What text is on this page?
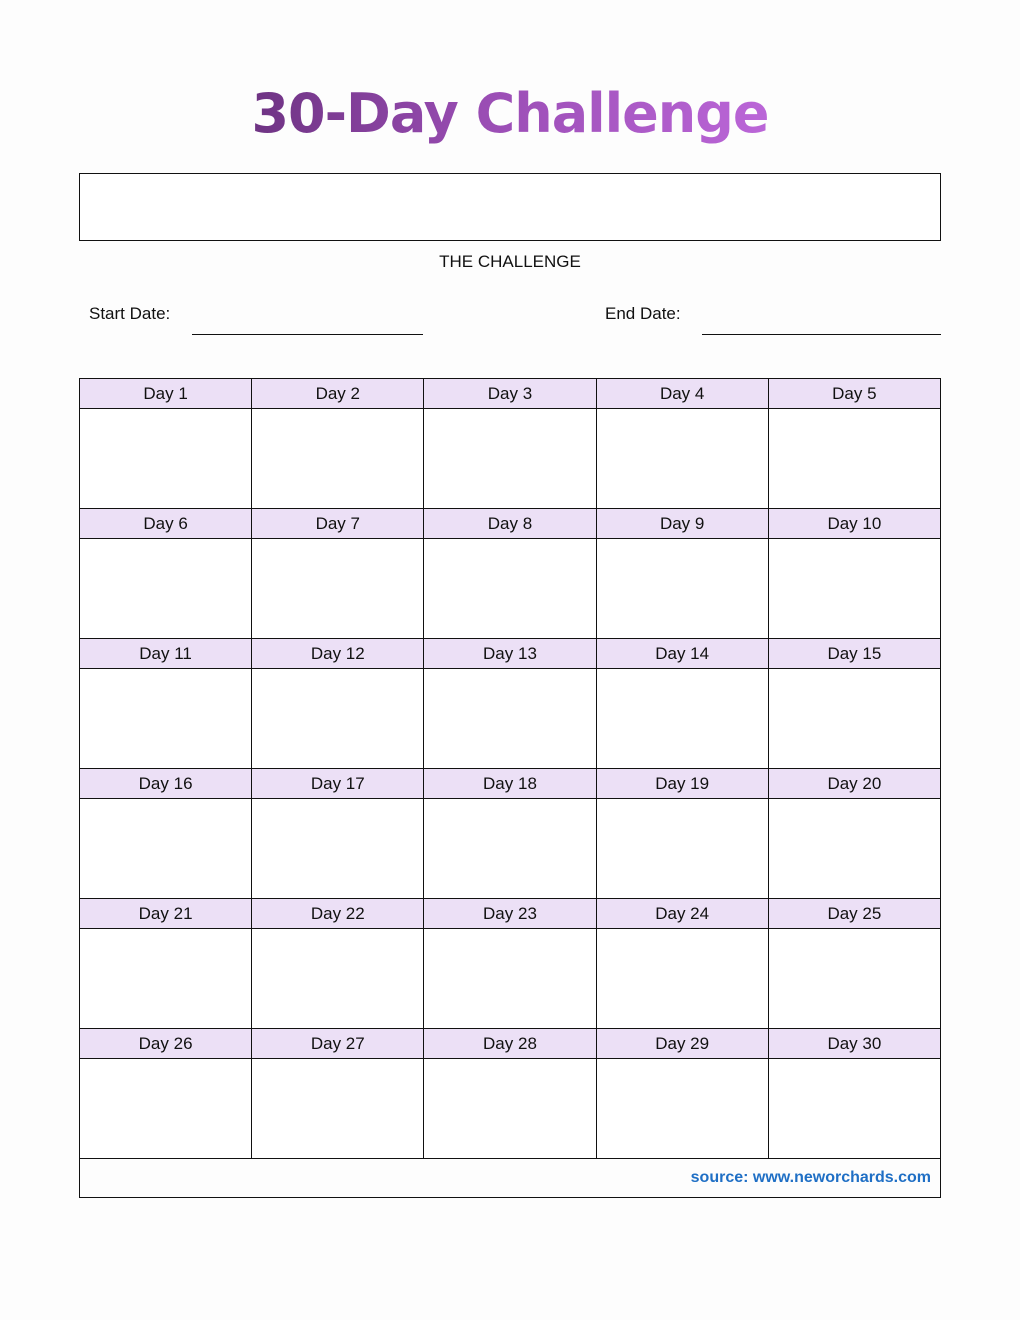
30-Day Challenge
THE CHALLENGE
Start Date:	End Date:
Day 1	Day 2	Day 3	Day 4	Day 5

Day 6	Day 7	Day 8	Day 9	Day 10

Day 11	Day 12	Day 13	Day 14	Day 15

Day 16	Day 17	Day 18	Day 19	Day 20

Day 21	Day 22	Day 23	Day 24	Day 25

Day 26	Day 27	Day 28	Day 29	Day 30

source: www.neworchards.com				
